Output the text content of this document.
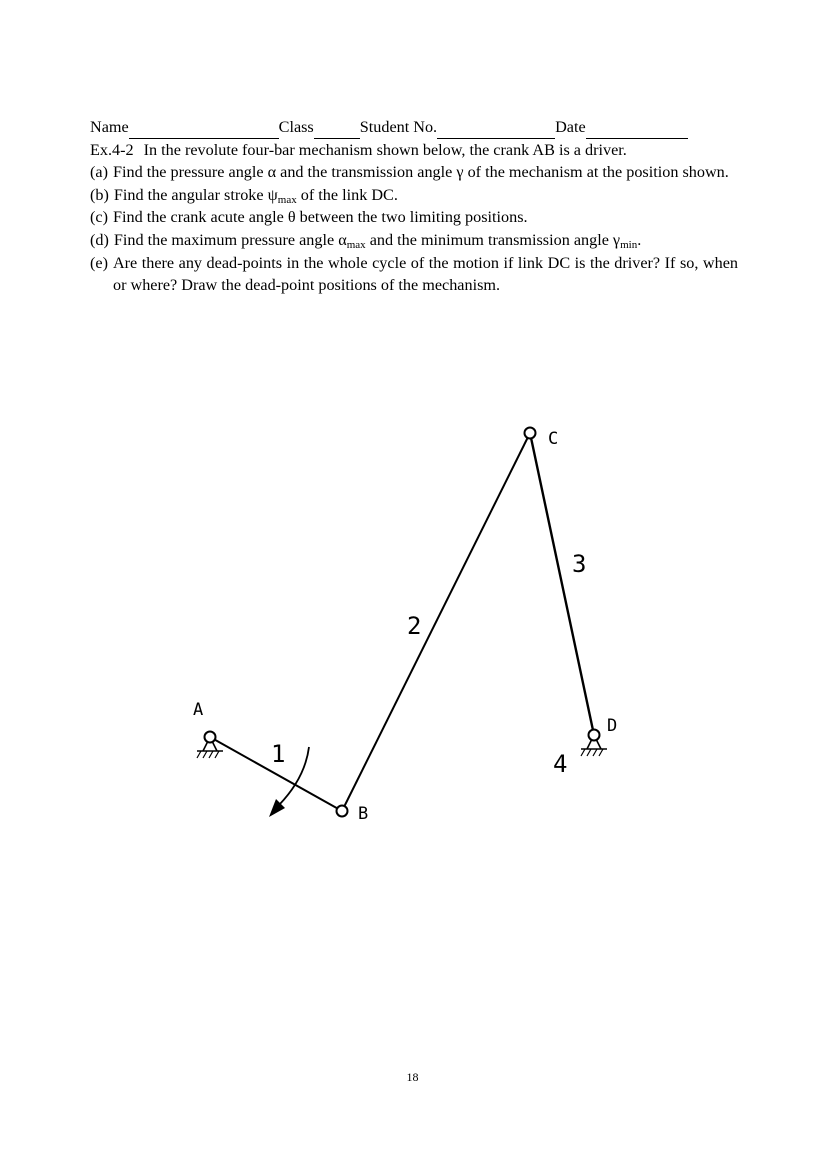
Name	Class	Student No.	Date
Ex.4-2 In the revolute four-bar mechanism shown below, the crank AB is a driver.
(a) Find the pressure angle α and the transmission angle γ of the mechanism at the position shown.
(b) Find the angular stroke $\psi_{max}$ of the link DC.
(c) Find the crank acute angle θ between the two limiting positions.
(d) Find the maximum pressure angle $\alpha_{max}$ and the minimum transmission angle $\gamma_{min}$.
(e) Are there any dead-points in the whole cycle of the motion if link DC is the driver? If so, when or where? Draw the dead-point positions of the mechanism.
A
B
C
D
1
2
3
4
18
